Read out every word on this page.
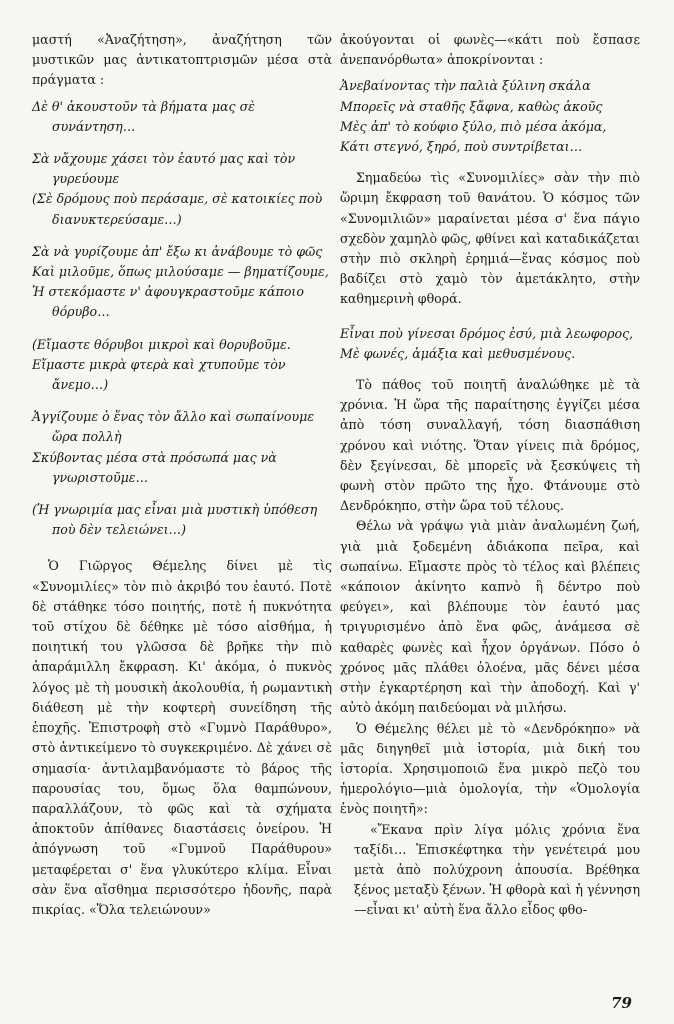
μαστή «Ἀναζήτηση», ἀναζήτηση τῶν μυστικῶν μας ἀντικατοπτρισμῶν μέσα στὰ πράγματα :

Δὲ θ' ἀκουστοῦν τὰ βήματα μας σὲ συνάντηση…
Σὰ νἄχουμε χάσει τὸν ἑαυτό μας καὶ τὸν γυρεύουμε
(Σὲ δρόμους ποὺ περάσαμε, σὲ κατοικίες ποὺ διανυκτερεύσαμε…)
Σὰ νὰ γυρίζουμε ἀπ' ἔξω κι ἀνάβουμε τὸ φῶς
Καὶ μιλοῦμε, ὅπως μιλούσαμε — βηματίζουμε,
Ἡ στεκόμαστε ν' ἀφουγκραστοῦμε κάποιο θόρυβο…
(Εἴμαστε θόρυβοι μικροὶ καὶ θορυβοῦμε.
Εἴμαστε μικρὰ φτερὰ καὶ χτυποῦμε τὸν ἄνεμο…)
Ἀγγίζουμε ὁ ἕνας τὸν ἄλλο καὶ σωπαίνουμε ὥρα πολλὴ
Σκύβοντας μέσα στὰ πρόσωπά μας νὰ γνωριστοῦμε…
(Ἡ γνωριμία μας εἶναι μιὰ μυστικὴ ὑπόθεση ποὺ δὲν τελειώνει…)

Ὁ Γιῶργος Θέμελης δίνει μὲ τὶς «Συνομιλίες» τὸν πιὸ ἀκριβό του ἑαυτό. Ποτὲ δὲ στάθηκε τόσο ποιητής, ποτὲ ἡ πυκνότητα τοῦ στίχου δὲ δέθηκε μὲ τόσο αἰσθήμα, ἡ ποιητική του γλῶσσα δὲ βρῆκε τὴν πιὸ ἀπαράμιλλη ἔκφραση. Κι' ἀκόμα, ὁ πυκνὸς λόγος μὲ τὴ μουσικὴ ἀκολουθία, ἡ ρωμαντικὴ διάθεση μὲ τὴν κοφτερὴ συνείδηση τῆς ἐποχῆς. Ἐπιστροφὴ στὸ «Γυμνὸ Παράθυρο», στὸ ἀντικείμενο τὸ συγκεκριμένο. Δὲ χάνει σὲ σημασία· ἀντιλαμβανόμαστε τὸ βάρος τῆς παρουσίας του, ὅμως ὅλα θαμπώνουν, παραλλάζουν, τὸ φῶς καὶ τὰ σχήματα ἀποκτοῦν ἀπίθανες διαστάσεις ὀνείρου. Ἡ ἀπόγνωση τοῦ «Γυμνοῦ Παράθυρου» μεταφέρεται σ' ἕνα γλυκύτερο κλίμα. Εἶναι σὰν ἕνα αἴσθημα περισσότερο ἡδονῆς, παρὰ πικρίας. «Ὅλα τελειώνουν»

ἀκούγονται οἱ φωνὲς—«κάτι ποὺ ἔσπασε ἀνεπανόρθωτα» ἀποκρίνονται :

Ἀνεβαίνοντας τὴν παλιὰ ξύλινη σκάλα
Μπορεῖς νὰ σταθῆς ξἄφνα, καθὼς ἀκοῦς
Μὲς ἀπ' τὸ κούφιο ξύλο, πιὸ μέσα ἀκόμα,
Κάτι στεγνό, ξηρό, ποὺ συντρίβεται…

Σημαδεύω τὶς «Συνομιλίες» σὰν τὴν πιὸ ὥριμη ἔκφραση τοῦ θανάτου. Ὁ κόσμος τῶν «Συνομιλιῶν» μαραίνεται μέσα σ' ἕνα πάγιο σχεδὸν χαμηλὸ φῶς, φθίνει καὶ καταδικάζεται στὴν πιὸ σκληρὴ ἐρημιά—ἕνας κόσμος ποὺ βαδίζει στὸ χαμὸ τὸν ἀμετάκλητο, στὴν καθημερινὴ φθορά.

Εἶναι ποὺ γίνεσαι δρόμος ἐσύ, μιὰ λεωφορος,
Μὲ φωνές, ἁμάξια καὶ μεθυσμένους.

Τὸ πάθος τοῦ ποιητῆ ἀναλώθηκε μὲ τὰ χρόνια. Ἡ ὥρα τῆς παραίτησης ἐγγίζει μέσα ἀπὸ τόση συναλλαγή, τόση διασπάθιση χρόνου καὶ νιότης. Ὅταν γίνεις πιὰ δρόμος, δὲν ξεγίνεσαι, δὲ μπορεῖς νὰ ξεσκύψεις τὴ φωνὴ στὸν πρῶτο της ἦχο. Φτάνουμε στὸ Δενδρόκηπο, στὴν ὥρα τοῦ τέλους.

Θέλω νὰ γράψω γιὰ μιὰν ἀναλωμένη ζωή, γιὰ μιὰ ξοδεμένη ἀδιάκοπα πεῖρα, καὶ σωπαίνω. Εἴμαστε πρὸς τὸ τέλος καὶ βλέπεις «κάποιον ἀκίνητο καπνὸ ἢ δέντρο ποὺ φεύγει», καὶ βλέπουμε τὸν ἑαυτό μας τριγυρισμένο ἀπὸ ἕνα φῶς, ἀνάμεσα σὲ καθαρὲς φωνὲς καὶ ἦχον ὀργάνων. Πόσο ὁ χρόνος μᾶς πλάθει ὁλοένα, μᾶς δένει μέσα στὴν ἐγκαρτέρηση καὶ τὴν ἀποδοχή. Καὶ γ' αὐτὸ ἀκόμη παιδεύομαι νὰ μιλήσω.

Ὁ Θέμελης θέλει μὲ τὸ «Δενδρόκηπο» νὰ μᾶς διηγηθεῖ μιὰ ἱστορία, μιὰ δική του ἱστορία. Χρησιμοποιῶ ἕνα μικρὸ πεζὸ του ἡμερολόγιο—μιὰ ὁμολογία, τὴν «Ὁμολογία ἑνὸς ποιητῆ»:

«Ἔκανα πρὶν λίγα μόλις χρόνια ἕνα ταξίδι… Ἐπισκέφτηκα τὴν γενέτειρά μου μετὰ ἀπὸ πολύχρονη ἀπουσία. Βρέθηκα ξένος μεταξὺ ξένων. Ἡ φθορὰ καὶ ἡ γέννηση—εἶναι κι' αὐτὴ ἕνα ἄλλο εἶδος φθο-

79
